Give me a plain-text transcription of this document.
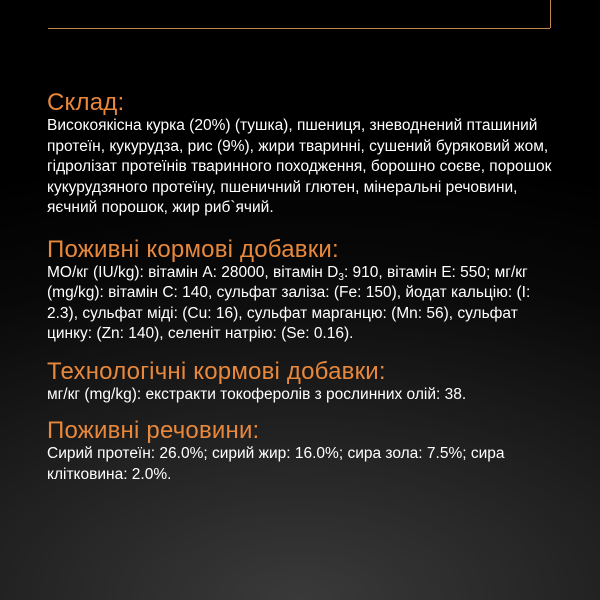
Склад:

Високоякісна курка (20%) (тушка), пшениця, зневоднений пташиний протеїн, кукурудза, рис (9%), жири тваринні, сушений буряковий жом, гідролізат протеїнів тваринного походження, борошно соєве, порошок кукурудзяного протеїну, пшеничний глютен, мінеральні речовини, яєчний порошок, жир риб`ячий.

Поживні кормові добавки:

МО/кг (IU/kg): вітамін А: 28000, вітамін $D_3$: 910, вітамін Е: 550; мг/кг (mg/kg): вітамін С: 140, сульфат заліза: (Fe: 150), йодат кальцію: (I: 2.3), сульфат міді: (Cu: 16), сульфат марганцю: (Mn: 56), сульфат цинку: (Zn: 140), селеніт натрію: (Se: 0.16).

Технологічні кормові добавки:

мг/кг (mg/kg): екстракти токоферолів з рослинних олій: 38.

Поживні речовини:

Сирий протеїн: 26.0%; сирий жир: 16.0%; сира зола: 7.5%; сира клітковина: 2.0%.
